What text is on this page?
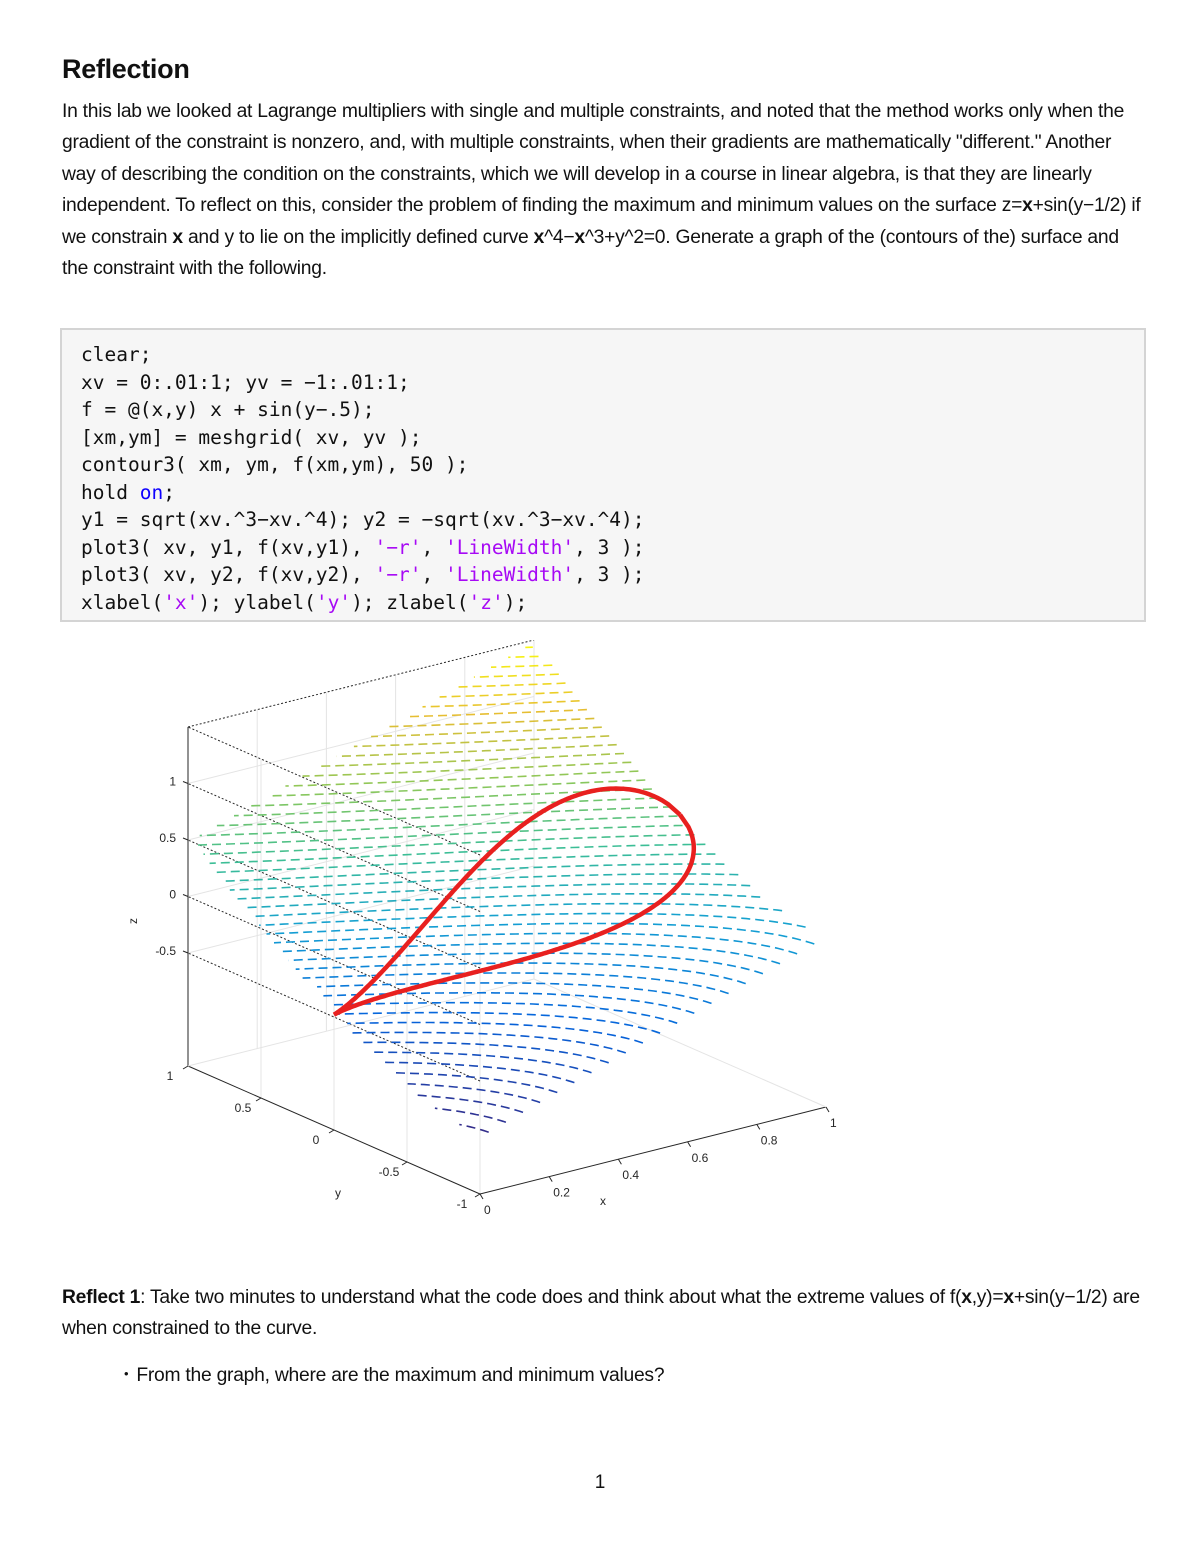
Reflection

In this lab we looked at Lagrange multipliers with single and multiple constraints, and noted that the method works only when the gradient of the constraint is nonzero, and, with multiple constraints, when their gradients are mathematically "different." Another way of describing the condition on the constraints, which we will develop in a course in linear algebra, is that they are linearly independent. To reflect on this, consider the problem of finding the maximum and minimum values on the surface z=x+sin(y−1/2) if we constrain x and y to lie on the implicitly defined curve x^4−x^3+y^2=0. Generate a graph of the (contours of the) surface and the constraint with the following.

clear;
xv = 0:.01:1; yv = −1:.01:1;
f = @(x,y) x + sin(y−.5);
[xm,ym] = meshgrid( xv, yv );
contour3( xm, ym, f(xm,ym), 50 );
hold on;
y1 = sqrt(xv.^3−xv.^4); y2 = −sqrt(xv.^3−xv.^4);
plot3( xv, y1, f(xv,y1), '−r', 'LineWidth', 3 );
plot3( xv, y2, f(xv,y2), '−r', 'LineWidth', 3 );
xlabel('x'); ylabel('y'); zlabel('z');
0
0.2
0.4
0.6
0.8
1
-1
-0.5
0
0.5
1
-0.5
0
0.5
1
x
y
z

Reflect 1: Take two minutes to understand what the code does and think about what the extreme values of f(x,y)=x+sin(y−1/2) are when constrained to the curve.

• From the graph, where are the maximum and minimum values?

1
